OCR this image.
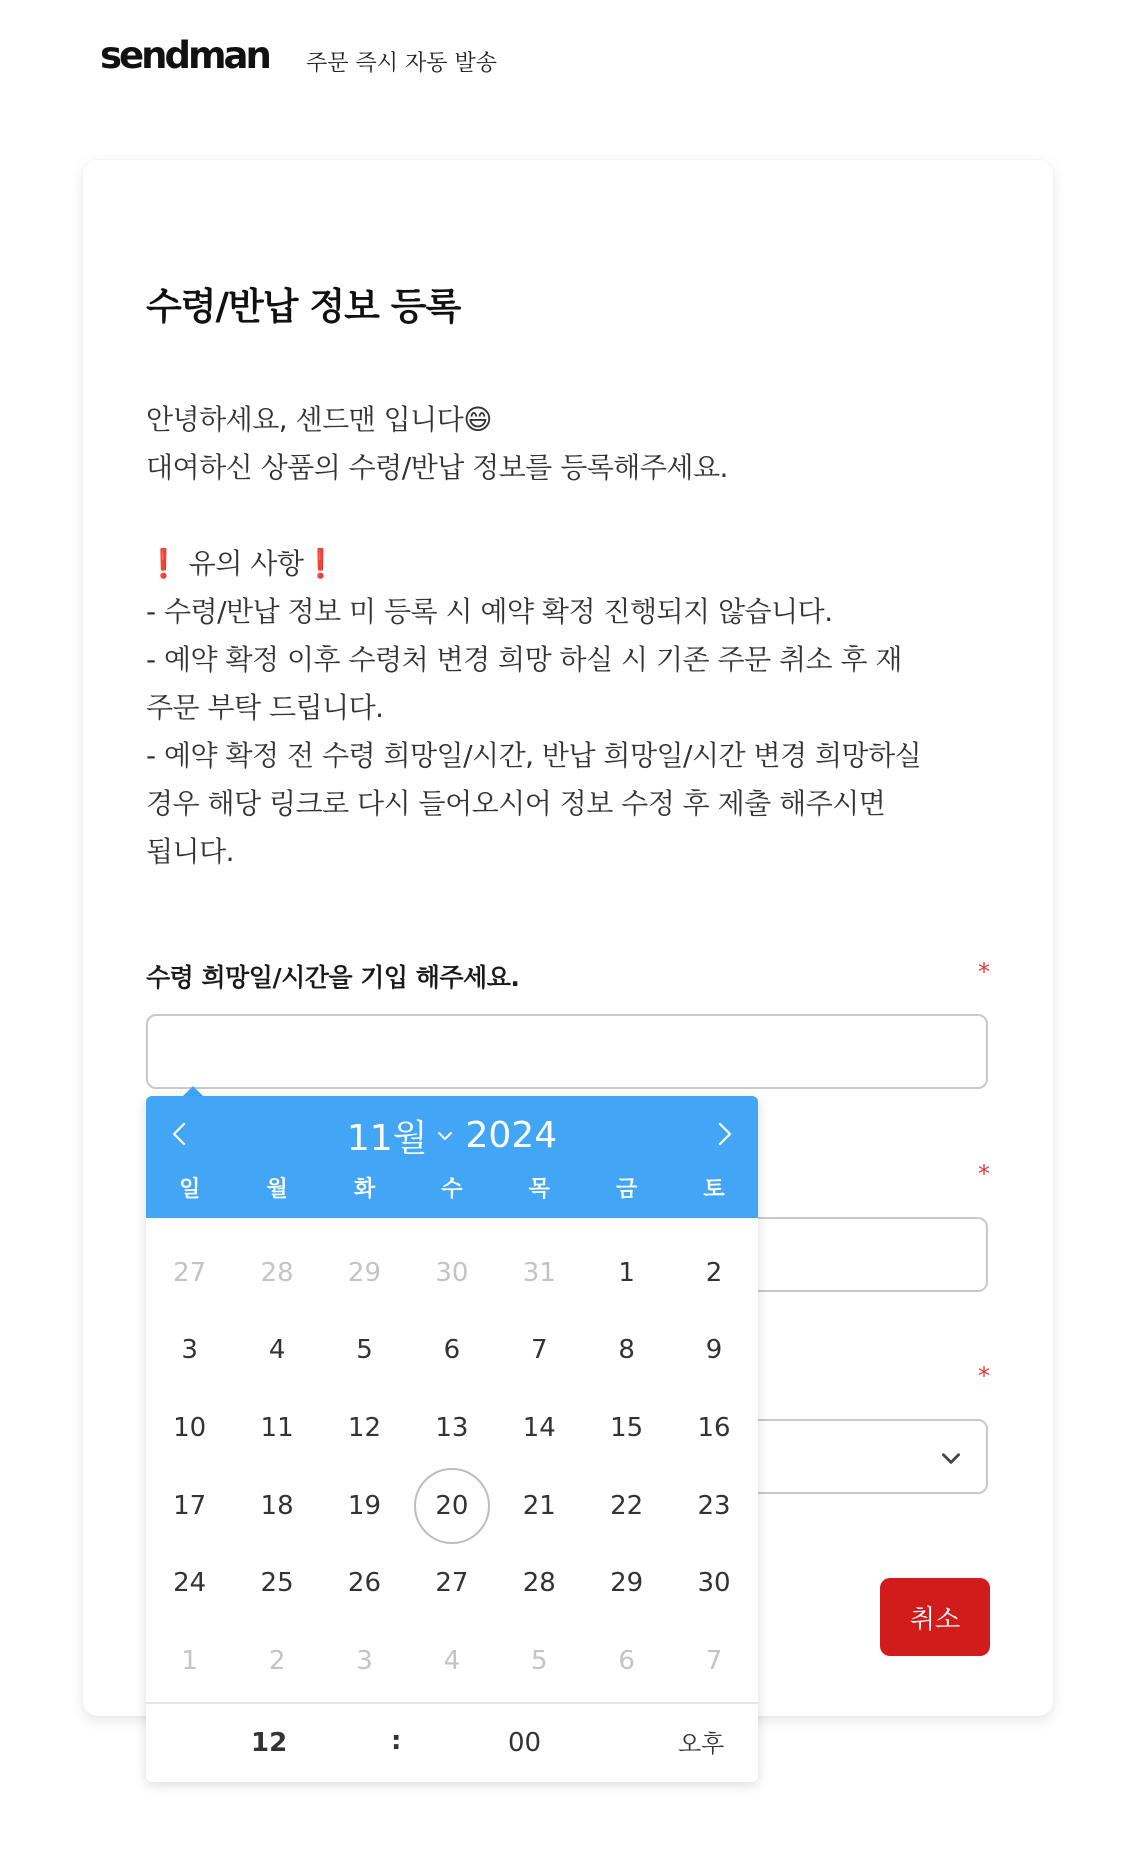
sendman 주문 즉시 자동 발송
수령/반납 정보 등록
안녕하세요, 센드맨 입니다😄
대여하신 상품의 수령/반납 정보를 등록해주세요.
❗ 유의 사항❗
- 수령/반납 정보 미 등록 시 예약 확정 진행되지 않습니다.
- 예약 확정 이후 수령처 변경 희망 하실 시 기존 주문 취소 후 재
주문 부탁 드립니다.
- 예약 확정 전 수령 희망일/시간, 반납 희망일/시간 변경 희망하실
경우 해당 링크로 다시 들어오시어 정보 수정 후 제출 해주시면
됩니다.
수령 희망일/시간을 기입 해주세요.	*
*
*
취소
11월 2024
일	월	화	수	목	금	토
27 28 29 30 31 1	2
3	4	5	6	7	8	9
10 11 12 13 14 15 16
17 18 19	20	21 22 23
24 25 26 27 28 29 30
1	2	3	4	5	6	7
12	:	00	오후
